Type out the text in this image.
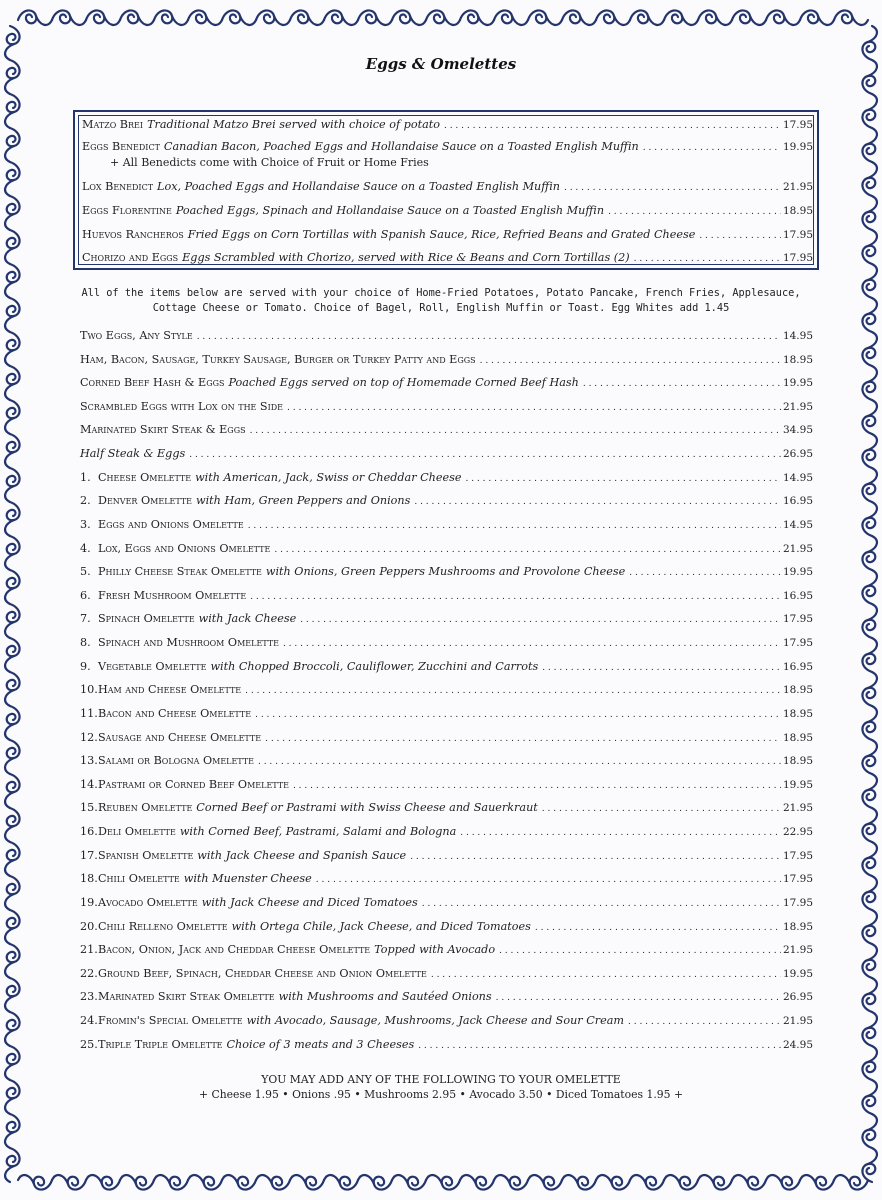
Eggs & Omelettes
Matzo Brei Traditional Matzo Brei served with choice of potato . . .	17.95
Eggs Benedict Canadian Bacon, Poached Eggs and Hollandaise Sauce on a Toasted English Muffin . . .	19.95
+ All Benedicts come with Choice of Fruit or Home Fries
Lox Benedict Lox, Poached Eggs and Hollandaise Sauce on a Toasted English Muffin . . .	21.95
Eggs Florentine Poached Eggs, Spinach and Hollandaise Sauce on a Toasted English Muffin . . .	18.95
Huevos Rancheros Fried Eggs on Corn Tortillas with Spanish Sauce, Rice, Refried Beans and Grated Cheese . . .	17.95
Chorizo and Eggs Eggs Scrambled with Chorizo, served with Rice & Beans and Corn Tortillas (2) . . .	17.95
All of the items below are served with your choice of Home-Fried Potatoes, Potato Pancake, French Fries, Applesauce, Cottage Cheese or Tomato. Choice of Bagel, Roll, English Muffin or Toast. Egg Whites add 1.45
Two Eggs, Any Style . . .	14.95
Ham, Bacon, Sausage, Turkey Sausage, Burger or Turkey Patty and Eggs . . .	18.95
Corned Beef Hash & Eggs Poached Eggs served on top of Homemade Corned Beef Hash . . .	19.95
Scrambled Eggs with Lox on the Side . . .	21.95
Marinated Skirt Steak & Eggs . . .	34.95
Half Steak & Eggs . . .	26.95
1. Cheese Omelette with American, Jack, Swiss or Cheddar Cheese . . .	14.95
2. Denver Omelette with Ham, Green Peppers and Onions . . .	16.95
3. Eggs and Onions Omelette . . .	14.95
4. Lox, Eggs and Onions Omelette . . .	21.95
5. Philly Cheese Steak Omelette with Onions, Green Peppers Mushrooms and Provolone Cheese . . .	19.95
6. Fresh Mushroom Omelette . . .	16.95
7. Spinach Omelette with Jack Cheese . . .	17.95
8. Spinach and Mushroom Omelette . . .	17.95
9. Vegetable Omelette with Chopped Broccoli, Cauliflower, Zucchini and Carrots . . .	16.95
10. Ham and Cheese Omelette . . .	18.95
11. Bacon and Cheese Omelette . . .	18.95
12. Sausage and Cheese Omelette . . .	18.95
13. Salami or Bologna Omelette . . .	18.95
14. Pastrami or Corned Beef Omelette . . .	19.95
15. Reuben Omelette Corned Beef or Pastrami with Swiss Cheese and Sauerkraut . . .	21.95
16. Deli Omelette with Corned Beef, Pastrami, Salami and Bologna . . .	22.95
17. Spanish Omelette with Jack Cheese and Spanish Sauce . . .	17.95
18. Chili Omelette with Muenster Cheese . . .	17.95
19. Avocado Omelette with Jack Cheese and Diced Tomatoes . . .	17.95
20. Chili Relleno Omelette with Ortega Chile, Jack Cheese, and Diced Tomatoes . . .	18.95
21. Bacon, Onion, Jack and Cheddar Cheese Omelette Topped with Avocado . . .	21.95
22. Ground Beef, Spinach, Cheddar Cheese and Onion Omelette . . .	19.95
23. Marinated Skirt Steak Omelette with Mushrooms and Sautéed Onions . . .	26.95
24. Fromin's Special Omelette with Avocado, Sausage, Mushrooms, Jack Cheese and Sour Cream . . .	21.95
25. Triple Triple Omelette Choice of 3 meats and 3 Cheeses . . .	24.95
YOU MAY ADD ANY OF THE FOLLOWING TO YOUR OMELETTE
+ Cheese 1.95 • Onions .95 • Mushrooms 2.95 • Avocado 3.50 • Diced Tomatoes 1.95 +
